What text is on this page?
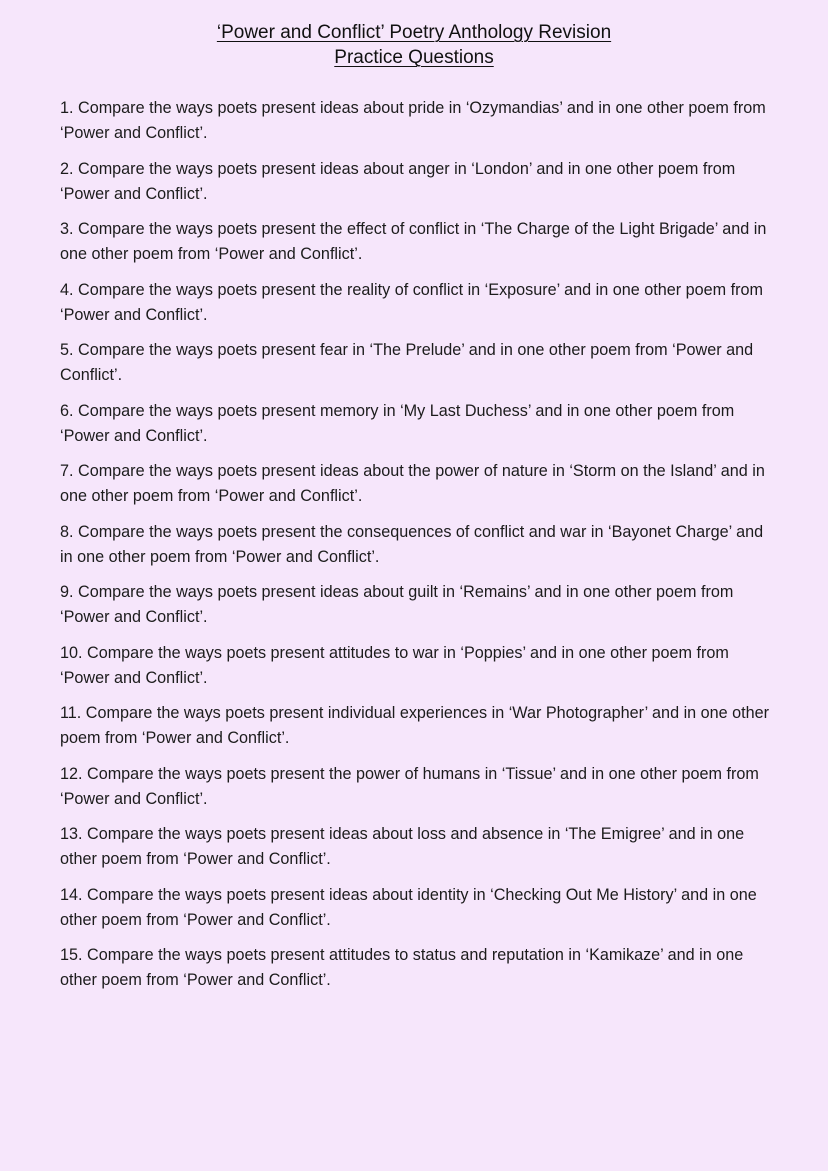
‘Power and Conflict’ Poetry Anthology Revision
Practice Questions
1. Compare the ways poets present ideas about pride in ‘Ozymandias’ and in one other poem from ‘Power and Conflict’.
2. Compare the ways poets present ideas about anger in ‘London’ and in one other poem from ‘Power and Conflict’.
3. Compare the ways poets present the effect of conflict in ‘The Charge of the Light Brigade’ and in one other poem from ‘Power and Conflict’.
4. Compare the ways poets present the reality of conflict in ‘Exposure’ and in one other poem from ‘Power and Conflict’.
5. Compare the ways poets present fear in ‘The Prelude’ and in one other poem from ‘Power and Conflict’.
6. Compare the ways poets present memory in ‘My Last Duchess’ and in one other poem from ‘Power and Conflict’.
7. Compare the ways poets present ideas about the power of nature in ‘Storm on the Island’ and in one other poem from ‘Power and Conflict’.
8. Compare the ways poets present the consequences of conflict and war in ‘Bayonet Charge’ and in one other poem from ‘Power and Conflict’.
9. Compare the ways poets present ideas about guilt in ‘Remains’ and in one other poem from ‘Power and Conflict’.
10. Compare the ways poets present attitudes to war in ‘Poppies’ and in one other poem from ‘Power and Conflict’.
11. Compare the ways poets present individual experiences in ‘War Photographer’ and in one other poem from ‘Power and Conflict’.
12. Compare the ways poets present the power of humans in ‘Tissue’ and in one other poem from ‘Power and Conflict’.
13. Compare the ways poets present ideas about loss and absence in ‘The Emigree’ and in one other poem from ‘Power and Conflict’.
14. Compare the ways poets present ideas about identity in ‘Checking Out Me History’ and in one other poem from ‘Power and Conflict’.
15. Compare the ways poets present attitudes to status and reputation in ‘Kamikaze’ and in one other poem from ‘Power and Conflict’.
